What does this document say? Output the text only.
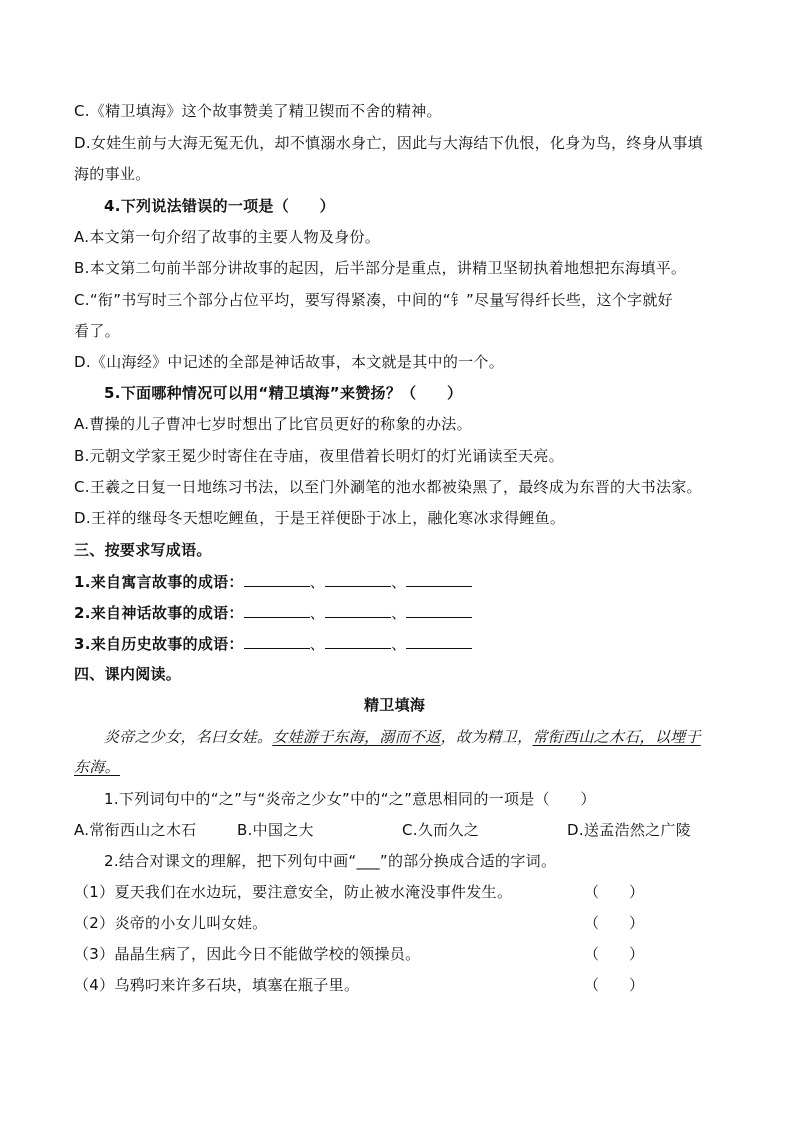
C.《精卫填海》这个故事赞美了精卫锲而不舍的精神。
D.女娃生前与大海无冤无仇，却不慎溺水身亡，因此与大海结下仇恨，化身为鸟，终身从事填
海的事业。
4.下列说法错误的一项是（　　）
A.本文第一句介绍了故事的主要人物及身份。
B.本文第二句前半部分讲故事的起因，后半部分是重点，讲精卫坚韧执着地想把东海填平。
C.“衔”书写时三个部分占位平均，要写得紧凑，中间的“钅”尽量写得纤长些，这个字就好
看了。
D.《山海经》中记述的全部是神话故事，本文就是其中的一个。
5.下面哪种情况可以用“精卫填海”来赞扬？（　　）
A.曹操的儿子曹冲七岁时想出了比官员更好的称象的办法。
B.元朝文学家王冕少时寄住在寺庙，夜里借着长明灯的灯光诵读至天亮。
C.王羲之日复一日地练习书法，以至门外涮笔的池水都被染黑了，最终成为东晋的大书法家。
D.王祥的继母冬天想吃鲤鱼，于是王祥便卧于冰上，融化寒冰求得鲤鱼。
三、按要求写成语。
1.来自寓言故事的成语：	、	、
2.来自神话故事的成语：	、	、
3.来自历史故事的成语：	、	、
四、课内阅读。
精卫填海
炎帝之少女，名曰女娃。女娃游于东海，溺而不返，故为精卫，常衔西山之木石，以堙于
东海。
1.下列词句中的“之”与“炎帝之少女”中的“之”意思相同的一项是（　　）
A.常衔西山之木石	B.中国之大	C.久而久之	D.送孟浩然之广陵
2.结合对课文的理解，把下列句中画“___”的部分换成合适的字词。
（1）夏天我们在水边玩，要注意安全，防止被水淹没事件发生。	（　　）
（2）炎帝的小女儿叫女娃。	（　　）
（3）晶晶生病了，因此今日不能做学校的领操员。	（　　）
（4）乌鸦叼来许多石块，填塞在瓶子里。	（　　）
